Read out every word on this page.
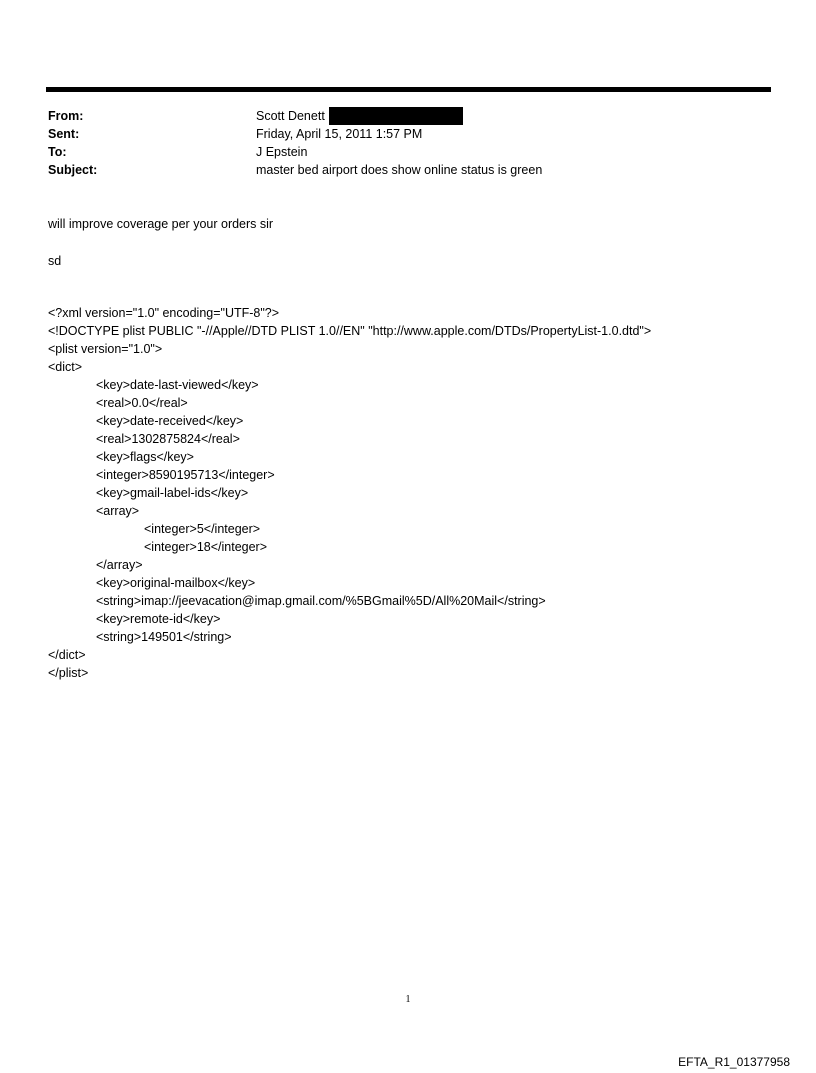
From:	Scott Denett
Sent:	Friday, April 15, 2011 1:57 PM
To:	J Epstein
Subject:	master bed airport does show online status is green
will improve coverage per your orders sir
sd
<?xml version="1.0" encoding="UTF-8"?>
<!DOCTYPE plist PUBLIC "-//Apple//DTD PLIST 1.0//EN" "http://www.apple.com/DTDs/PropertyList-1.0.dtd">
<plist version="1.0">
<dict>
<key>date-last-viewed</key>
<real>0.0</real>
<key>date-received</key>
<real>1302875824</real>
<key>flags</key>
<integer>8590195713</integer>
<key>gmail-label-ids</key>
<array>
<integer>5</integer>
<integer>18</integer>
</array>
<key>original-mailbox</key>
<string>imap://jeevacation@imap.gmail.com/%5BGmail%5D/All%20Mail</string>
<key>remote-id</key>
<string>149501</string>
</dict>
</plist>
1
EFTA_R1_01377958
